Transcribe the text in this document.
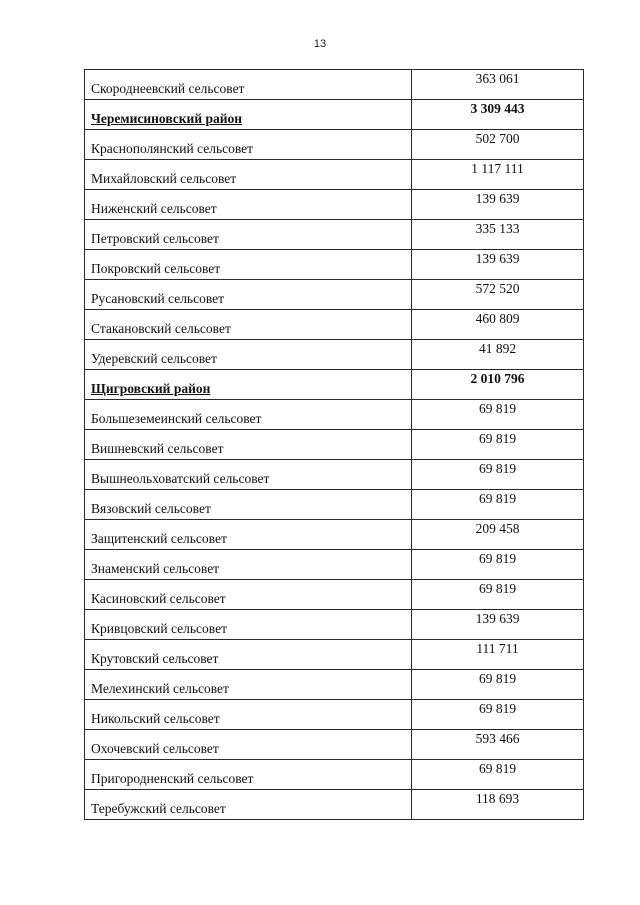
13
Скороднеевский сельсовет	363 061
Черемисиновский район	3 309 443
Краснополянский сельсовет	502 700
Михайловский сельсовет	1 117 111
Ниженский сельсовет	139 639
Петровский сельсовет	335 133
Покровский сельсовет	139 639
Русановский сельсовет	572 520
Стакановский сельсовет	460 809
Удеревский сельсовет	41 892
Щигровский район	2 010 796
Большеземеинский сельсовет	69 819
Вишневский сельсовет	69 819
Вышнеольховатский сельсовет	69 819
Вязовский сельсовет	69 819
Защитенский сельсовет	209 458
Знаменский сельсовет	69 819
Касиновский сельсовет	69 819
Кривцовский сельсовет	139 639
Крутовский сельсовет	111 711
Мелехинский сельсовет	69 819
Никольский сельсовет	69 819
Охочевский сельсовет	593 466
Пригородненский сельсовет	69 819
Теребужский сельсовет	118 693
